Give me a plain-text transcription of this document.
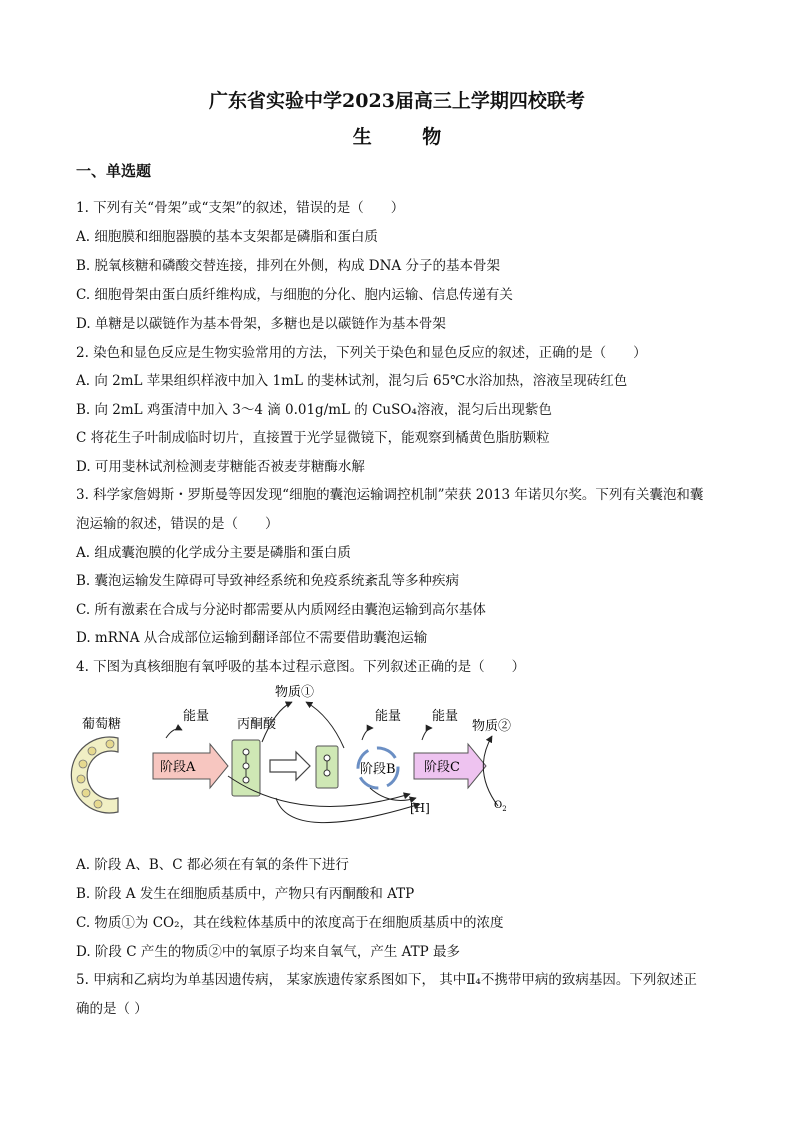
广东省实验中学2023届高三上学期四校联考
生 物
一、单选题
1. 下列有关“骨架”或“支架”的叙述，错误的是（　　）
A. 细胞膜和细胞器膜的基本支架都是磷脂和蛋白质
B. 脱氧核糖和磷酸交替连接，排列在外侧，构成 DNA 分子的基本骨架
C. 细胞骨架由蛋白质纤维构成，与细胞的分化、胞内运输、信息传递有关
D. 单糖是以碳链作为基本骨架，多糖也是以碳链作为基本骨架
2. 染色和显色反应是生物实验常用的方法，下列关于染色和显色反应的叙述，正确的是（　　）
A. 向 2mL 苹果组织样液中加入 1mL 的斐林试剂，混匀后 65℃水浴加热，溶液呈现砖红色
B. 向 2mL 鸡蛋清中加入 3～4 滴 0.01g/mL 的 CuSO₄溶液，混匀后出现紫色
C 将花生子叶制成临时切片，直接置于光学显微镜下，能观察到橘黄色脂肪颗粒
D. 可用斐林试剂检测麦芽糖能否被麦芽糖酶水解
3. 科学家詹姆斯・罗斯曼等因发现“细胞的囊泡运输调控机制”荣获 2013 年诺贝尔奖。下列有关囊泡和囊
泡运输的叙述，错误的是（　　）
A. 组成囊泡膜的化学成分主要是磷脂和蛋白质
B. 囊泡运输发生障碍可导致神经系统和免疫系统紊乱等多种疾病
C. 所有激素在合成与分泌时都需要从内质网经由囊泡运输到高尔基体
D. mRNA 从合成部位运输到翻译部位不需要借助囊泡运输
4. 下图为真核细胞有氧呼吸的基本过程示意图。下列叙述正确的是（　　）
葡萄糖
能量
阶段A
丙酮酸
物质①
阶段B
能量 能量
阶段C
物质②
$O_2$
[H]
A. 阶段 A、B、C 都必须在有氧的条件下进行
B. 阶段 A 发生在细胞质基质中，产物只有丙酮酸和 ATP
C. 物质①为 CO₂，其在线粒体基质中的浓度高于在细胞质基质中的浓度
D. 阶段 C 产生的物质②中的氧原子均来自氧气，产生 ATP 最多
5. 甲病和乙病均为单基因遗传病， 某家族遗传家系图如下， 其中Ⅱ₄不携带甲病的致病基因。下列叙述正
确的是（ ）
